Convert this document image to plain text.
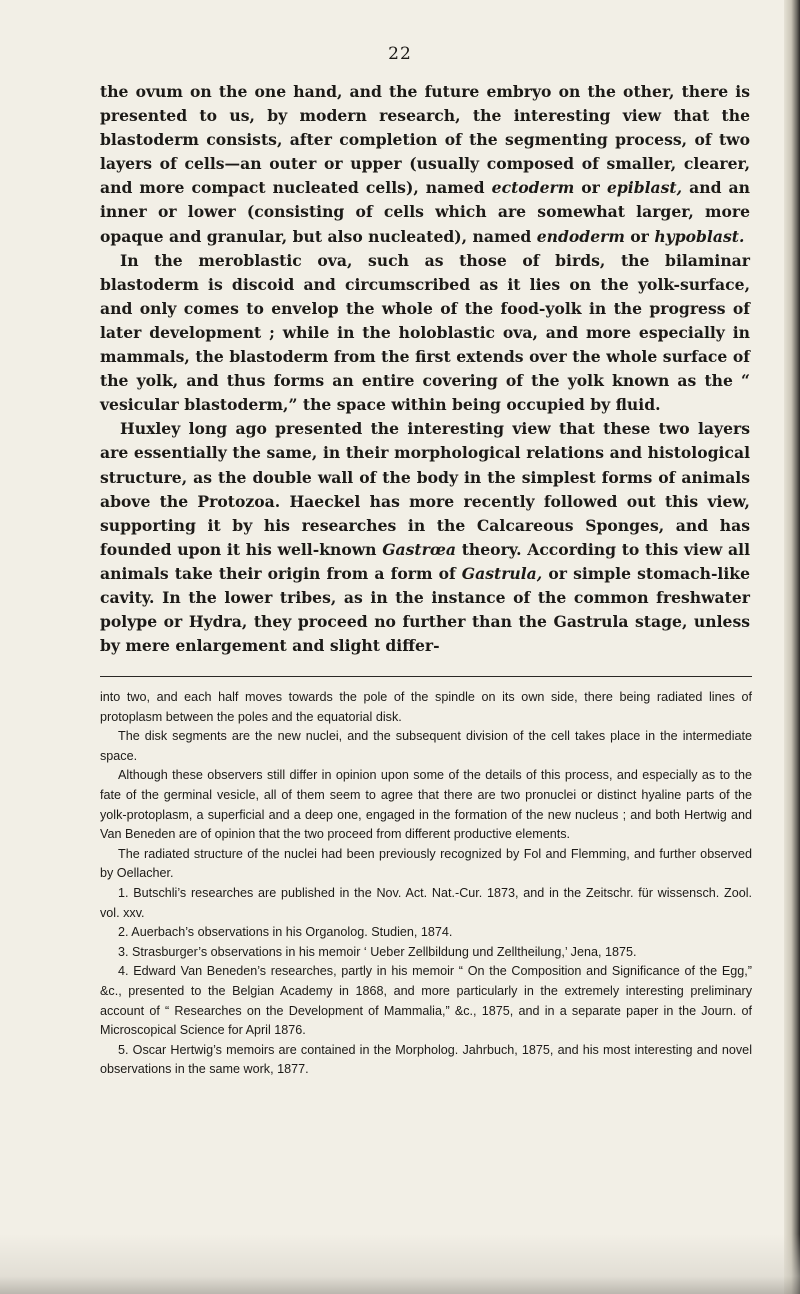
22

the ovum on the one hand, and the future embryo on the other, there is presented to us, by modern research, the interesting view that the blastoderm consists, after completion of the segmenting process, of two layers of cells—an outer or upper (usually composed of smaller, clearer, and more compact nucleated cells), named ectoderm or epiblast, and an inner or lower (consisting of cells which are somewhat larger, more opaque and granular, but also nucleated), named endoderm or hypoblast.

In the meroblastic ova, such as those of birds, the bilaminar blastoderm is discoid and circumscribed as it lies on the yolk-surface, and only comes to envelop the whole of the food-yolk in the progress of later development ; while in the holoblastic ova, and more especially in mammals, the blastoderm from the first extends over the whole surface of the yolk, and thus forms an entire covering of the yolk known as the “ vesicular blastoderm,” the space within being occupied by fluid.

Huxley long ago presented the interesting view that these two layers are essentially the same, in their morphological relations and histological structure, as the double wall of the body in the simplest forms of animals above the Protozoa. Haeckel has more recently followed out this view, supporting it by his researches in the Calcareous Sponges, and has founded upon it his well-known Gastrœa theory. According to this view all animals take their origin from a form of Gastrula, or simple stomach-like cavity. In the lower tribes, as in the instance of the common freshwater polype or Hydra, they proceed no further than the Gastrula stage, unless by mere enlargement and slight differ-

into two, and each half moves towards the pole of the spindle on its own side, there being radiated lines of protoplasm between the poles and the equatorial disk.

The disk segments are the new nuclei, and the subsequent division of the cell takes place in the intermediate space.

Although these observers still differ in opinion upon some of the details of this process, and especially as to the fate of the germinal vesicle, all of them seem to agree that there are two pronuclei or distinct hyaline parts of the yolk-protoplasm, a superficial and a deep one, engaged in the formation of the new nucleus ; and both Hertwig and Van Beneden are of opinion that the two proceed from different productive elements.

The radiated structure of the nuclei had been previously recognized by Fol and Flemming, and further observed by Oellacher.

1. Butschli’s researches are published in the Nov. Act. Nat.-Cur. 1873, and in the Zeitschr. für wissensch. Zool. vol. xxv.

2. Auerbach’s observations in his Organolog. Studien, 1874.

3. Strasburger’s observations in his memoir ‘ Ueber Zellbildung und Zelltheilung,’ Jena, 1875.

4. Edward Van Beneden’s researches, partly in his memoir “ On the Composition and Significance of the Egg,” &c., presented to the Belgian Academy in 1868, and more particularly in the extremely interesting preliminary account of “ Researches on the Development of Mammalia,” &c., 1875, and in a separate paper in the Journ. of Microscopical Science for April 1876.

5. Oscar Hertwig’s memoirs are contained in the Morpholog. Jahrbuch, 1875, and his most interesting and novel observations in the same work, 1877.
